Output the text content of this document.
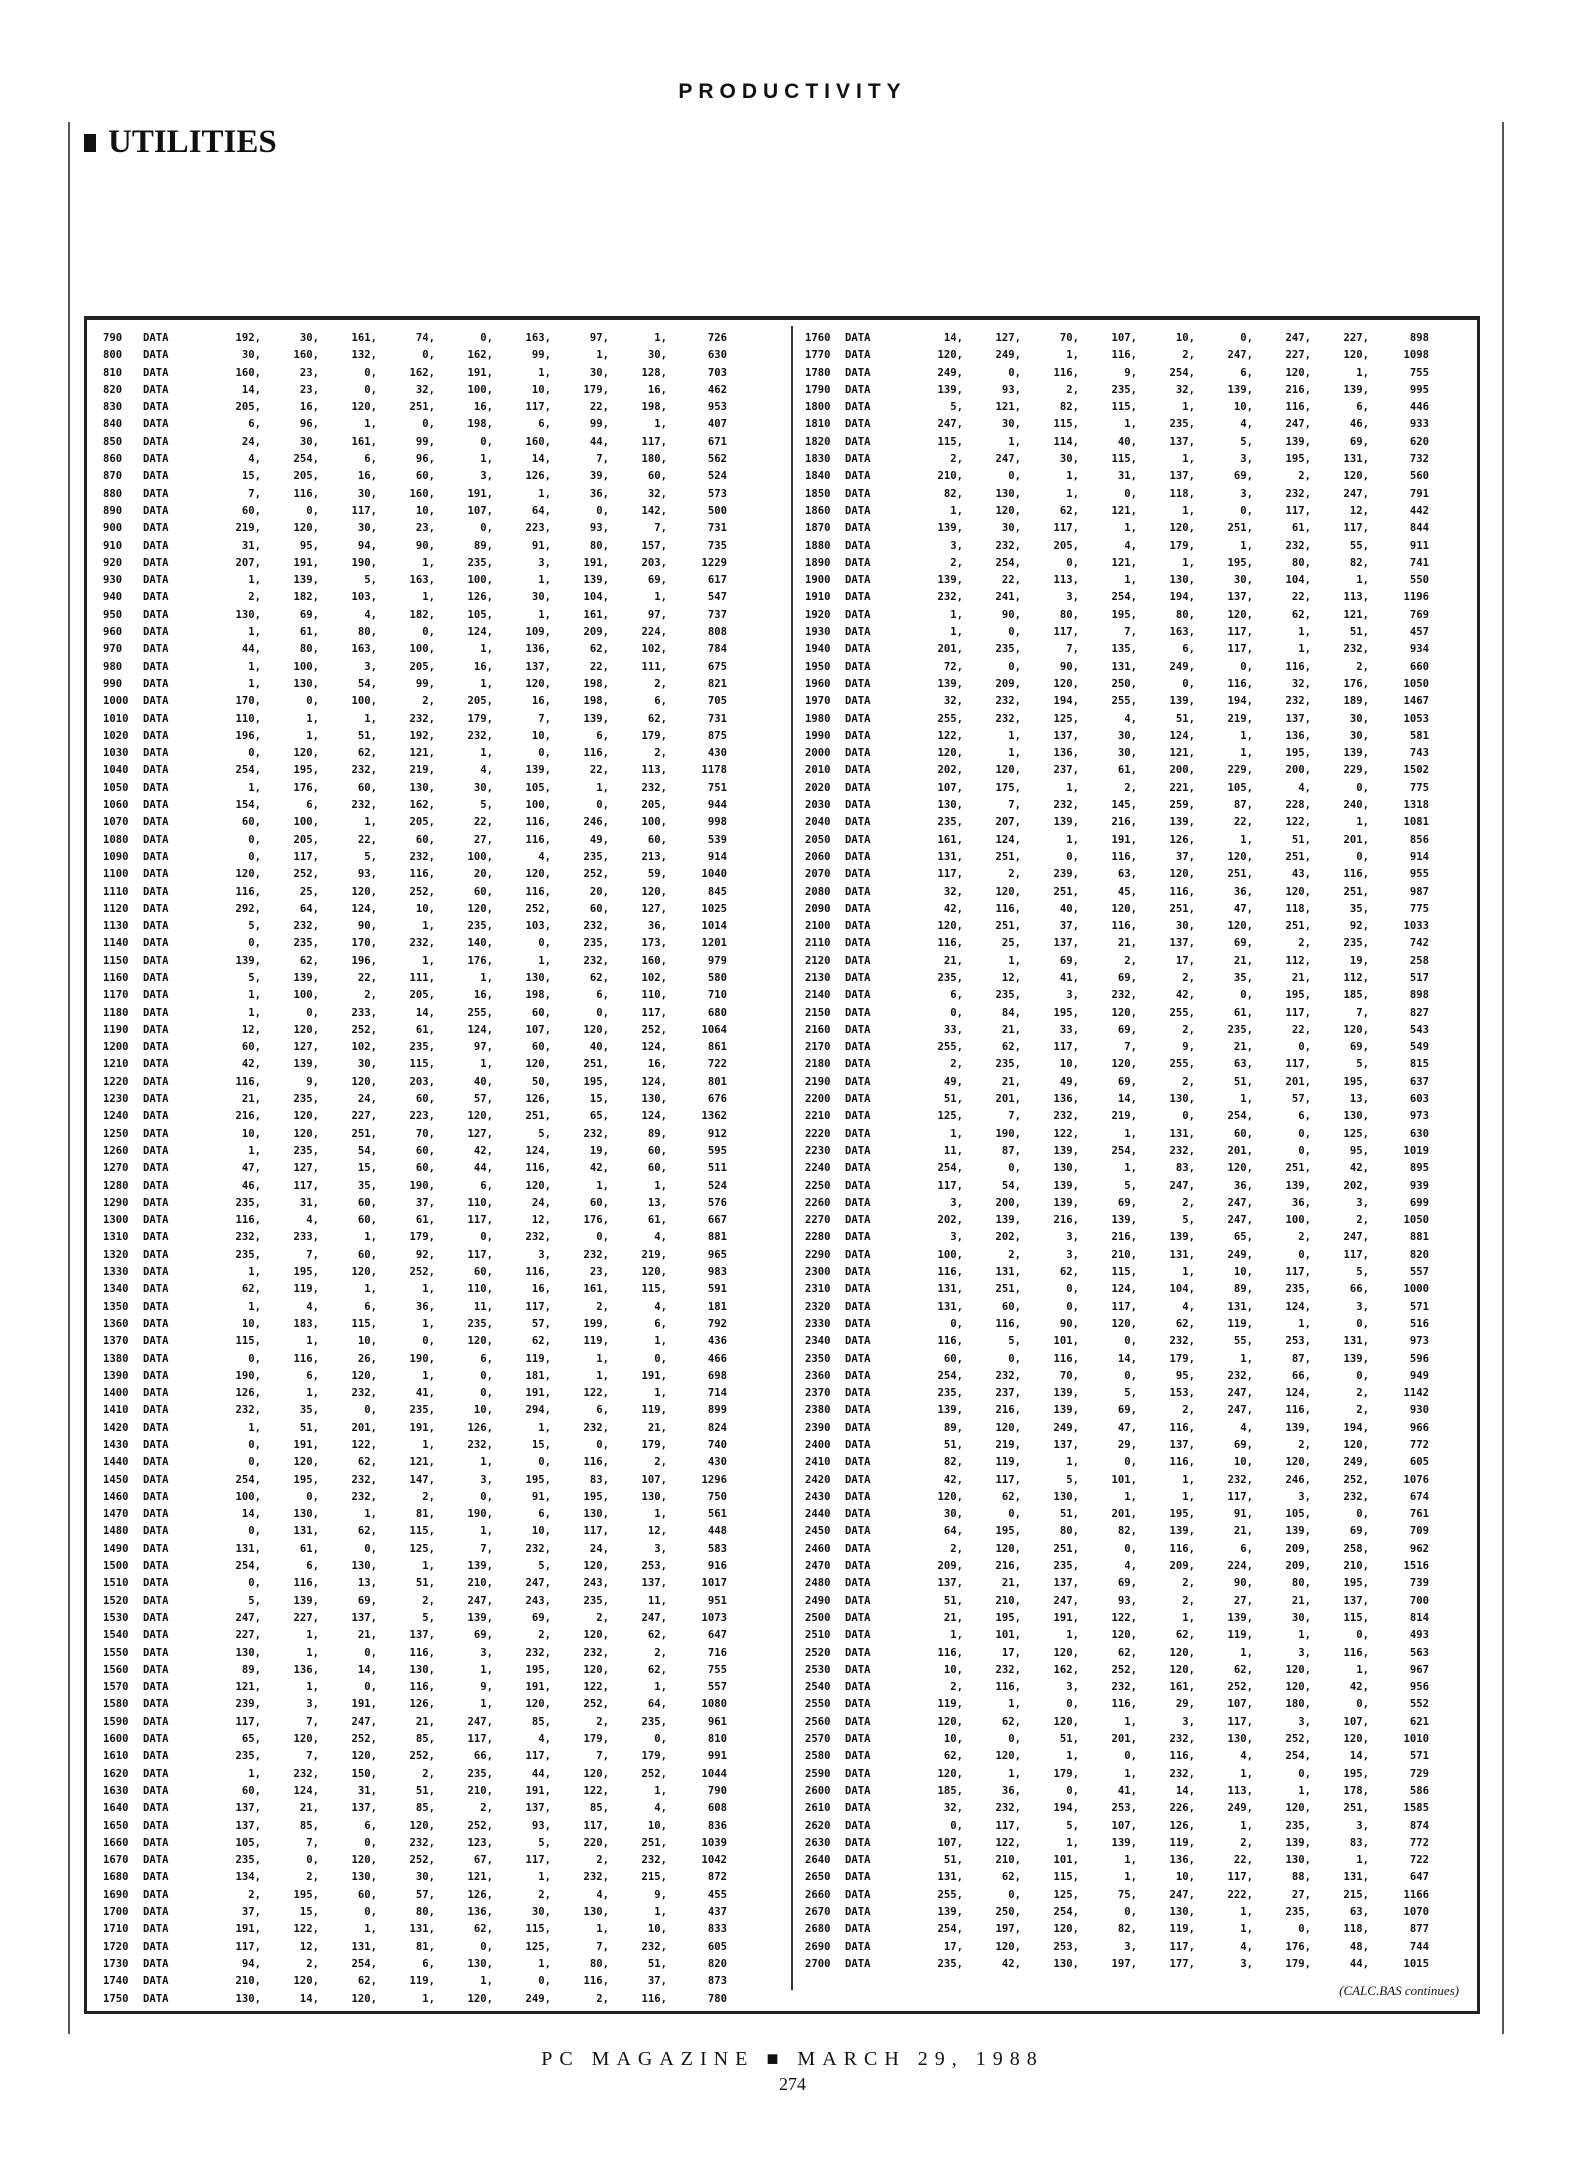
PRODUCTIVITY
UTILITIES
790	DATA	192,	30,	161,	74,	0,	163,	97,	1,	726
800	DATA	30,	160,	132,	0,	162,	99,	1,	30,	630
810	DATA	160,	23,	0,	162,	191,	1,	30,	128,	703
820	DATA	14,	23,	0,	32,	100,	10,	179,	16,	462
830	DATA	205,	16,	120,	251,	16,	117,	22,	198,	953
840	DATA	6,	96,	1,	0,	198,	6,	99,	1,	407
850	DATA	24,	30,	161,	99,	0,	160,	44,	117,	671
860	DATA	4,	254,	6,	96,	1,	14,	7,	180,	562
870	DATA	15,	205,	16,	60,	3,	126,	39,	60,	524
880	DATA	7,	116,	30,	160,	191,	1,	36,	32,	573
890	DATA	60,	0,	117,	10,	107,	64,	0,	142,	500
900	DATA	219,	120,	30,	23,	0,	223,	93,	7,	731
910	DATA	31,	95,	94,	90,	89,	91,	80,	157,	735
920	DATA	207,	191,	190,	1,	235,	3,	191,	203,	1229
930	DATA	1,	139,	5,	163,	100,	1,	139,	69,	617
940	DATA	2,	182,	103,	1,	126,	30,	104,	1,	547
950	DATA	130,	69,	4,	182,	105,	1,	161,	97,	737
960	DATA	1,	61,	80,	0,	124,	109,	209,	224,	808
970	DATA	44,	80,	163,	100,	1,	136,	62,	102,	784
980	DATA	1,	100,	3,	205,	16,	137,	22,	111,	675
990	DATA	1,	130,	54,	99,	1,	120,	198,	2,	821
1000	DATA	170,	0,	100,	2,	205,	16,	198,	6,	705
1010	DATA	110,	1,	1,	232,	179,	7,	139,	62,	731
1020	DATA	196,	1,	51,	192,	232,	10,	6,	179,	875
1030	DATA	0,	120,	62,	121,	1,	0,	116,	2,	430
1040	DATA	254,	195,	232,	219,	4,	139,	22,	113,	1178
1050	DATA	1,	176,	60,	130,	30,	105,	1,	232,	751
1060	DATA	154,	6,	232,	162,	5,	100,	0,	205,	944
1070	DATA	60,	100,	1,	205,	22,	116,	246,	100,	998
1080	DATA	0,	205,	22,	60,	27,	116,	49,	60,	539
1090	DATA	0,	117,	5,	232,	100,	4,	235,	213,	914
1100	DATA	120,	252,	93,	116,	20,	120,	252,	59,	1040
1110	DATA	116,	25,	120,	252,	60,	116,	20,	120,	845
1120	DATA	292,	64,	124,	10,	120,	252,	60,	127,	1025
1130	DATA	5,	232,	90,	1,	235,	103,	232,	36,	1014
1140	DATA	0,	235,	170,	232,	140,	0,	235,	173,	1201
1150	DATA	139,	62,	196,	1,	176,	1,	232,	160,	979
1160	DATA	5,	139,	22,	111,	1,	130,	62,	102,	580
1170	DATA	1,	100,	2,	205,	16,	198,	6,	110,	710
1180	DATA	1,	0,	233,	14,	255,	60,	0,	117,	680
1190	DATA	12,	120,	252,	61,	124,	107,	120,	252,	1064
1200	DATA	60,	127,	102,	235,	97,	60,	40,	124,	861
1210	DATA	42,	139,	30,	115,	1,	120,	251,	16,	722
1220	DATA	116,	9,	120,	203,	40,	50,	195,	124,	801
1230	DATA	21,	235,	24,	60,	57,	126,	15,	130,	676
1240	DATA	216,	120,	227,	223,	120,	251,	65,	124,	1362
1250	DATA	10,	120,	251,	70,	127,	5,	232,	89,	912
1260	DATA	1,	235,	54,	60,	42,	124,	19,	60,	595
1270	DATA	47,	127,	15,	60,	44,	116,	42,	60,	511
1280	DATA	46,	117,	35,	190,	6,	120,	1,	1,	524
1290	DATA	235,	31,	60,	37,	110,	24,	60,	13,	576
1300	DATA	116,	4,	60,	61,	117,	12,	176,	61,	667
1310	DATA	232,	233,	1,	179,	0,	232,	0,	4,	881
1320	DATA	235,	7,	60,	92,	117,	3,	232,	219,	965
1330	DATA	1,	195,	120,	252,	60,	116,	23,	120,	983
1340	DATA	62,	119,	1,	1,	110,	16,	161,	115,	591
1350	DATA	1,	4,	6,	36,	11,	117,	2,	4,	181
1360	DATA	10,	183,	115,	1,	235,	57,	199,	6,	792
1370	DATA	115,	1,	10,	0,	120,	62,	119,	1,	436
1380	DATA	0,	116,	26,	190,	6,	119,	1,	0,	466
1390	DATA	190,	6,	120,	1,	0,	181,	1,	191,	698
1400	DATA	126,	1,	232,	41,	0,	191,	122,	1,	714
1410	DATA	232,	35,	0,	235,	10,	294,	6,	119,	899
1420	DATA	1,	51,	201,	191,	126,	1,	232,	21,	824
1430	DATA	0,	191,	122,	1,	232,	15,	0,	179,	740
1440	DATA	0,	120,	62,	121,	1,	0,	116,	2,	430
1450	DATA	254,	195,	232,	147,	3,	195,	83,	107,	1296
1460	DATA	100,	0,	232,	2,	0,	91,	195,	130,	750
1470	DATA	14,	130,	1,	81,	190,	6,	130,	1,	561
1480	DATA	0,	131,	62,	115,	1,	10,	117,	12,	448
1490	DATA	131,	61,	0,	125,	7,	232,	24,	3,	583
1500	DATA	254,	6,	130,	1,	139,	5,	120,	253,	916
1510	DATA	0,	116,	13,	51,	210,	247,	243,	137,	1017
1520	DATA	5,	139,	69,	2,	247,	243,	235,	11,	951
1530	DATA	247,	227,	137,	5,	139,	69,	2,	247,	1073
1540	DATA	227,	1,	21,	137,	69,	2,	120,	62,	647
1550	DATA	130,	1,	0,	116,	3,	232,	232,	2,	716
1560	DATA	89,	136,	14,	130,	1,	195,	120,	62,	755
1570	DATA	121,	1,	0,	116,	9,	191,	122,	1,	557
1580	DATA	239,	3,	191,	126,	1,	120,	252,	64,	1080
1590	DATA	117,	7,	247,	21,	247,	85,	2,	235,	961
1600	DATA	65,	120,	252,	85,	117,	4,	179,	0,	810
1610	DATA	235,	7,	120,	252,	66,	117,	7,	179,	991
1620	DATA	1,	232,	150,	2,	235,	44,	120,	252,	1044
1630	DATA	60,	124,	31,	51,	210,	191,	122,	1,	790
1640	DATA	137,	21,	137,	85,	2,	137,	85,	4,	608
1650	DATA	137,	85,	6,	120,	252,	93,	117,	10,	836
1660	DATA	105,	7,	0,	232,	123,	5,	220,	251,	1039
1670	DATA	235,	0,	120,	252,	67,	117,	2,	232,	1042
1680	DATA	134,	2,	130,	30,	121,	1,	232,	215,	872
1690	DATA	2,	195,	60,	57,	126,	2,	4,	9,	455
1700	DATA	37,	15,	0,	80,	136,	30,	130,	1,	437
1710	DATA	191,	122,	1,	131,	62,	115,	1,	10,	833
1720	DATA	117,	12,	131,	81,	0,	125,	7,	232,	605
1730	DATA	94,	2,	254,	6,	130,	1,	80,	51,	820
1740	DATA	210,	120,	62,	119,	1,	0,	116,	37,	873
1750	DATA	130,	14,	120,	1,	120,	249,	2,	116,	780
1760	DATA	14,	127,	70,	107,	10,	0,	247,	227,	898
1770	DATA	120,	249,	1,	116,	2,	247,	227,	120,	1098
1780	DATA	249,	0,	116,	9,	254,	6,	120,	1,	755
1790	DATA	139,	93,	2,	235,	32,	139,	216,	139,	995
1800	DATA	5,	121,	82,	115,	1,	10,	116,	6,	446
1810	DATA	247,	30,	115,	1,	235,	4,	247,	46,	933
1820	DATA	115,	1,	114,	40,	137,	5,	139,	69,	620
1830	DATA	2,	247,	30,	115,	1,	3,	195,	131,	732
1840	DATA	210,	0,	1,	31,	137,	69,	2,	120,	560
1850	DATA	82,	130,	1,	0,	118,	3,	232,	247,	791
1860	DATA	1,	120,	62,	121,	1,	0,	117,	12,	442
1870	DATA	139,	30,	117,	1,	120,	251,	61,	117,	844
1880	DATA	3,	232,	205,	4,	179,	1,	232,	55,	911
1890	DATA	2,	254,	0,	121,	1,	195,	80,	82,	741
1900	DATA	139,	22,	113,	1,	130,	30,	104,	1,	550
1910	DATA	232,	241,	3,	254,	194,	137,	22,	113,	1196
1920	DATA	1,	90,	80,	195,	80,	120,	62,	121,	769
1930	DATA	1,	0,	117,	7,	163,	117,	1,	51,	457
1940	DATA	201,	235,	7,	135,	6,	117,	1,	232,	934
1950	DATA	72,	0,	90,	131,	249,	0,	116,	2,	660
1960	DATA	139,	209,	120,	250,	0,	116,	32,	176,	1050
1970	DATA	32,	232,	194,	255,	139,	194,	232,	189,	1467
1980	DATA	255,	232,	125,	4,	51,	219,	137,	30,	1053
1990	DATA	122,	1,	137,	30,	124,	1,	136,	30,	581
2000	DATA	120,	1,	136,	30,	121,	1,	195,	139,	743
2010	DATA	202,	120,	237,	61,	200,	229,	200,	229,	1502
2020	DATA	107,	175,	1,	2,	221,	105,	4,	0,	775
2030	DATA	130,	7,	232,	145,	259,	87,	228,	240,	1318
2040	DATA	235,	207,	139,	216,	139,	22,	122,	1,	1081
2050	DATA	161,	124,	1,	191,	126,	1,	51,	201,	856
2060	DATA	131,	251,	0,	116,	37,	120,	251,	0,	914
2070	DATA	117,	2,	239,	63,	120,	251,	43,	116,	955
2080	DATA	32,	120,	251,	45,	116,	36,	120,	251,	987
2090	DATA	42,	116,	40,	120,	251,	47,	118,	35,	775
2100	DATA	120,	251,	37,	116,	30,	120,	251,	92,	1033
2110	DATA	116,	25,	137,	21,	137,	69,	2,	235,	742
2120	DATA	21,	1,	69,	2,	17,	21,	112,	19,	258
2130	DATA	235,	12,	41,	69,	2,	35,	21,	112,	517
2140	DATA	6,	235,	3,	232,	42,	0,	195,	185,	898
2150	DATA	0,	84,	195,	120,	255,	61,	117,	7,	827
2160	DATA	33,	21,	33,	69,	2,	235,	22,	120,	543
2170	DATA	255,	62,	117,	7,	9,	21,	0,	69,	549
2180	DATA	2,	235,	10,	120,	255,	63,	117,	5,	815
2190	DATA	49,	21,	49,	69,	2,	51,	201,	195,	637
2200	DATA	51,	201,	136,	14,	130,	1,	57,	13,	603
2210	DATA	125,	7,	232,	219,	0,	254,	6,	130,	973
2220	DATA	1,	190,	122,	1,	131,	60,	0,	125,	630
2230	DATA	11,	87,	139,	254,	232,	201,	0,	95,	1019
2240	DATA	254,	0,	130,	1,	83,	120,	251,	42,	895
2250	DATA	117,	54,	139,	5,	247,	36,	139,	202,	939
2260	DATA	3,	200,	139,	69,	2,	247,	36,	3,	699
2270	DATA	202,	139,	216,	139,	5,	247,	100,	2,	1050
2280	DATA	3,	202,	3,	216,	139,	65,	2,	247,	881
2290	DATA	100,	2,	3,	210,	131,	249,	0,	117,	820
2300	DATA	116,	131,	62,	115,	1,	10,	117,	5,	557
2310	DATA	131,	251,	0,	124,	104,	89,	235,	66,	1000
2320	DATA	131,	60,	0,	117,	4,	131,	124,	3,	571
2330	DATA	0,	116,	90,	120,	62,	119,	1,	0,	516
2340	DATA	116,	5,	101,	0,	232,	55,	253,	131,	973
2350	DATA	60,	0,	116,	14,	179,	1,	87,	139,	596
2360	DATA	254,	232,	70,	0,	95,	232,	66,	0,	949
2370	DATA	235,	237,	139,	5,	153,	247,	124,	2,	1142
2380	DATA	139,	216,	139,	69,	2,	247,	116,	2,	930
2390	DATA	89,	120,	249,	47,	116,	4,	139,	194,	966
2400	DATA	51,	219,	137,	29,	137,	69,	2,	120,	772
2410	DATA	82,	119,	1,	0,	116,	10,	120,	249,	605
2420	DATA	42,	117,	5,	101,	1,	232,	246,	252,	1076
2430	DATA	120,	62,	130,	1,	1,	117,	3,	232,	674
2440	DATA	30,	0,	51,	201,	195,	91,	105,	0,	761
2450	DATA	64,	195,	80,	82,	139,	21,	139,	69,	709
2460	DATA	2,	120,	251,	0,	116,	6,	209,	258,	962
2470	DATA	209,	216,	235,	4,	209,	224,	209,	210,	1516
2480	DATA	137,	21,	137,	69,	2,	90,	80,	195,	739
2490	DATA	51,	210,	247,	93,	2,	27,	21,	137,	700
2500	DATA	21,	195,	191,	122,	1,	139,	30,	115,	814
2510	DATA	1,	101,	1,	120,	62,	119,	1,	0,	493
2520	DATA	116,	17,	120,	62,	120,	1,	3,	116,	563
2530	DATA	10,	232,	162,	252,	120,	62,	120,	1,	967
2540	DATA	2,	116,	3,	232,	161,	252,	120,	42,	956
2550	DATA	119,	1,	0,	116,	29,	107,	180,	0,	552
2560	DATA	120,	62,	120,	1,	3,	117,	3,	107,	621
2570	DATA	10,	0,	51,	201,	232,	130,	252,	120,	1010
2580	DATA	62,	120,	1,	0,	116,	4,	254,	14,	571
2590	DATA	120,	1,	179,	1,	232,	1,	0,	195,	729
2600	DATA	185,	36,	0,	41,	14,	113,	1,	178,	586
2610	DATA	32,	232,	194,	253,	226,	249,	120,	251,	1585
2620	DATA	0,	117,	5,	107,	126,	1,	235,	3,	874
2630	DATA	107,	122,	1,	139,	119,	2,	139,	83,	772
2640	DATA	51,	210,	101,	1,	136,	22,	130,	1,	722
2650	DATA	131,	62,	115,	1,	10,	117,	88,	131,	647
2660	DATA	255,	0,	125,	75,	247,	222,	27,	215,	1166
2670	DATA	139,	250,	254,	0,	130,	1,	235,	63,	1070
2680	DATA	254,	197,	120,	82,	119,	1,	0,	118,	877
2690	DATA	17,	120,	253,	3,	117,	4,	176,	48,	744
2700	DATA	235,	42,	130,	197,	177,	3,	179,	44,	1015
(CALC.BAS continues)
PC MAGAZINE ■ MARCH 29, 1988
274
